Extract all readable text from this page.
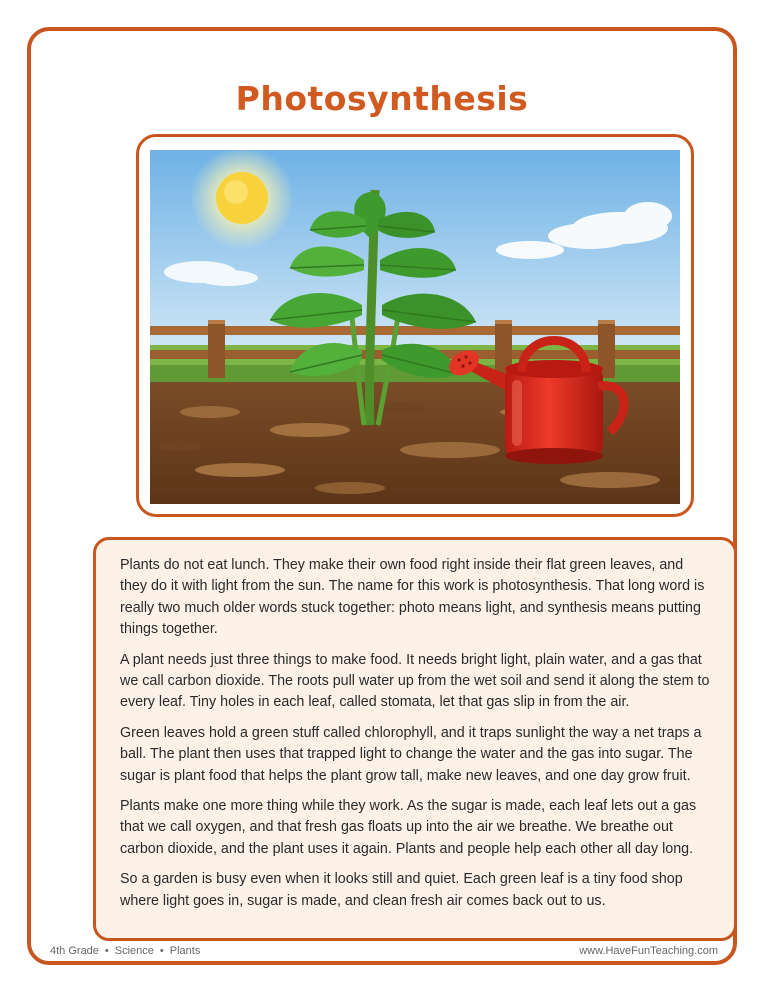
Photosynthesis

Plants do not eat lunch. They make their own food right inside their flat green leaves, and they do it with light from the sun. The name for this work is photosynthesis. That long word is really two much older words stuck together: photo means light, and synthesis means putting things together.

A plant needs just three things to make food. It needs bright light, plain water, and a gas that we call carbon dioxide. The roots pull water up from the wet soil and send it along the stem to every leaf. Tiny holes in each leaf, called stomata, let that gas slip in from the air.

Green leaves hold a green stuff called chlorophyll, and it traps sunlight the way a net traps a ball. The plant then uses that trapped light to change the water and the gas into sugar. The sugar is plant food that helps the plant grow tall, make new leaves, and one day grow fruit.

Plants make one more thing while they work. As the sugar is made, each leaf lets out a gas that we call oxygen, and that fresh gas floats up into the air we breathe. We breathe out carbon dioxide, and the plant uses it again. Plants and people help each other all day long.

So a garden is busy even when it looks still and quiet. Each green leaf is a tiny food shop where light goes in, sugar is made, and clean fresh air comes back out to us.

4th Grade • Science • Plants	www.HaveFunTeaching.com
